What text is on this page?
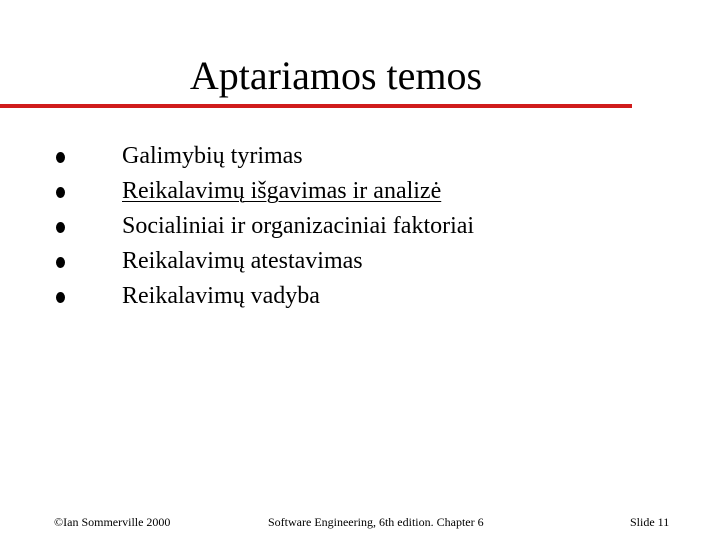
Aptariamos temos
Galimybių tyrimas
Reikalavimų išgavimas ir analizė
Socialiniai ir organizaciniai faktoriai
Reikalavimų atestavimas
Reikalavimų vadyba
©Ian Sommerville 2000	Software Engineering, 6th edition. Chapter 6	Slide 11
